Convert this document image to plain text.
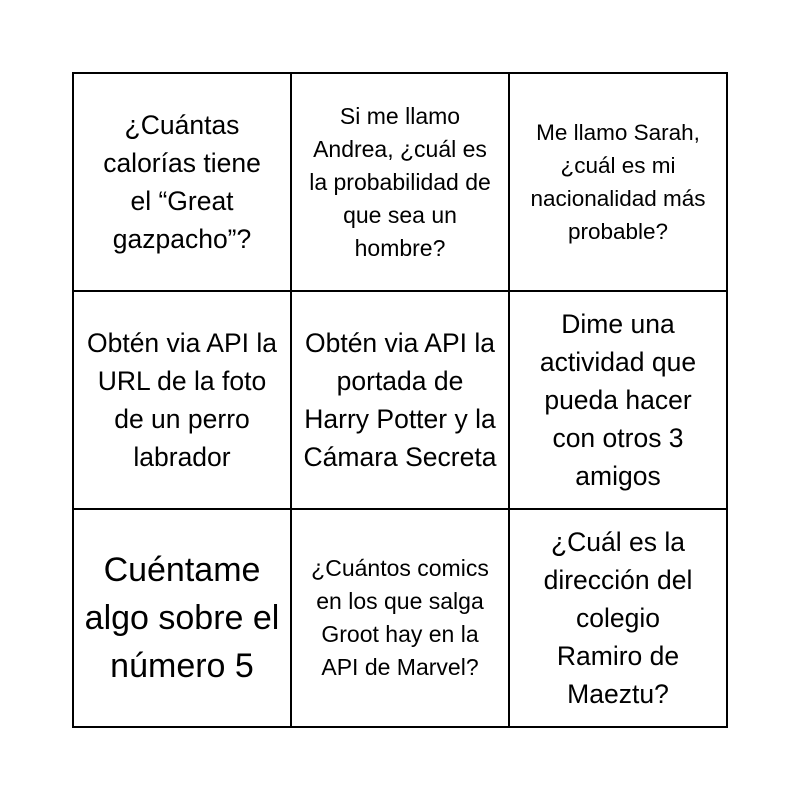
¿Cuántas calorías tiene el “Great gazpacho”?
Si me llamo Andrea, ¿cuál es la probabilidad de que sea un hombre?
Me llamo Sarah, ¿cuál es mi nacionalidad más probable?
Obtén via API la URL de la foto de un perro labrador
Obtén via API la portada de Harry Potter y la Cámara Secreta
Dime una actividad que pueda hacer con otros 3 amigos
Cuéntame algo sobre el número 5
¿Cuántos comics en los que salga Groot hay en la API de Marvel?
¿Cuál es la dirección del colegio Ramiro de Maeztu?
